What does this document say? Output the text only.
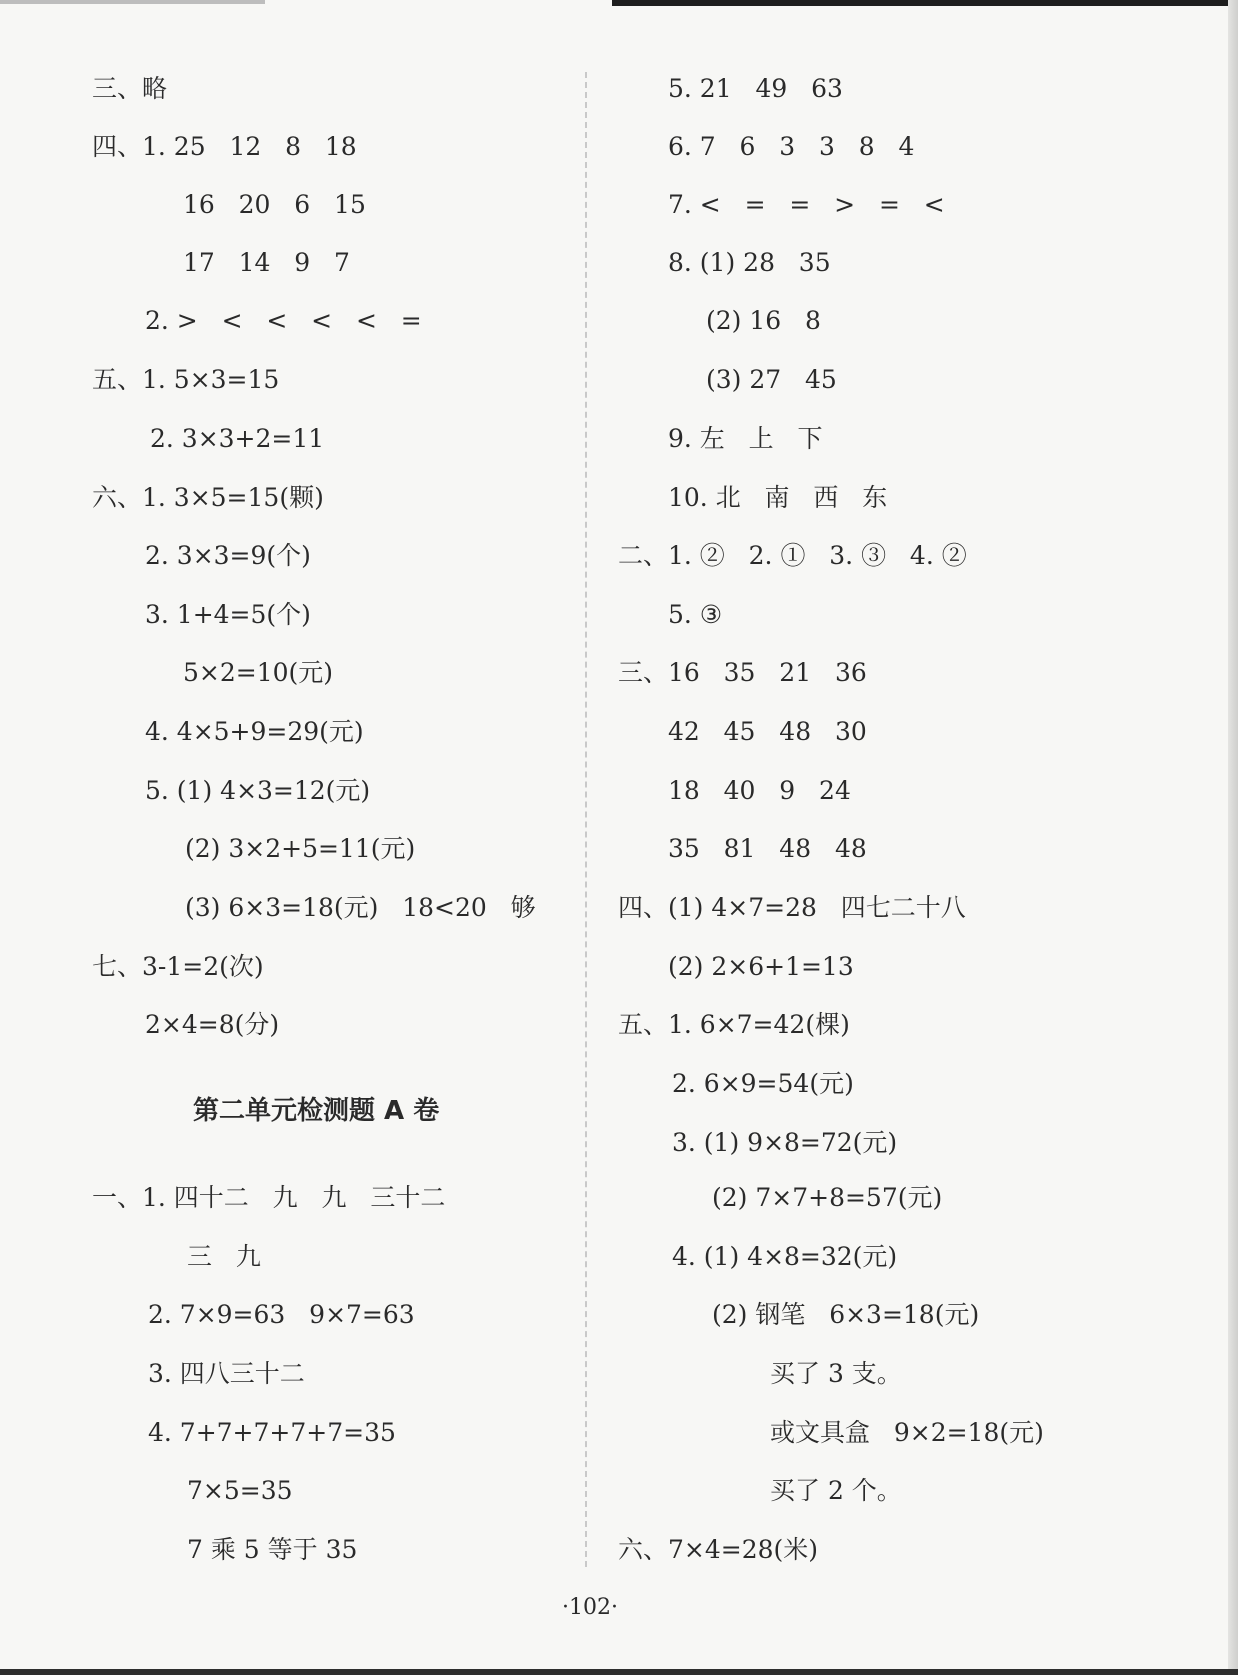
三、略
四、1. 25   12   8   18
16   20   6   15
17   14   9   7
2. >   <   <   <   <   =
五、1. 5×3=15
2. 3×3+2=11
六、1. 3×5=15(颗)
2. 3×3=9(个)
3. 1+4=5(个)
5×2=10(元)
4. 4×5+9=29(元)
5. (1) 4×3=12(元)
(2) 3×2+5=11(元)
(3) 6×3=18(元)   18<20   够
七、3-1=2(次)
2×4=8(分)
第二单元检测题 A 卷
一、1. 四十二   九   九   三十二
三   九
2. 7×9=63   9×7=63
3. 四八三十二
4. 7+7+7+7+7=35
7×5=35
7 乘 5 等于 35
5. 21   49   63
6. 7   6   3   3   8   4
7. <   =   =   >   =   <
8. (1) 28   35
(2) 16   8
(3) 27   45
9. 左   上   下
10. 北   南   西   东
二、1. ②   2. ①   3. ③   4. ②
5. ③
三、16   35   21   36
42   45   48   30
18   40   9   24
35   81   48   48
四、(1) 4×7=28   四七二十八
(2) 2×6+1=13
五、1. 6×7=42(棵)
2. 6×9=54(元)
3. (1) 9×8=72(元)
(2) 7×7+8=57(元)
4. (1) 4×8=32(元)
(2) 钢笔   6×3=18(元)
买了 3 支。
或文具盒   9×2=18(元)
买了 2 个。
六、7×4=28(米)
·102·
